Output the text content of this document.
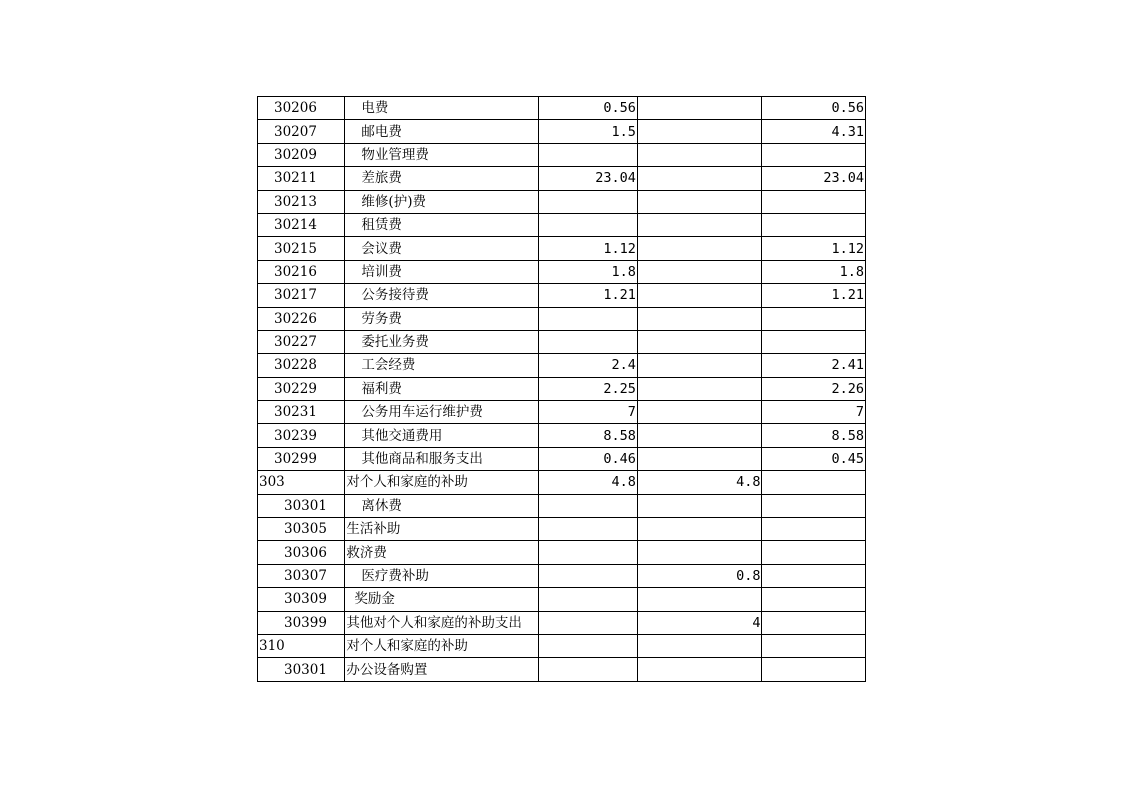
30206	电费	0.56		0.56
30207	邮电费	1.5		4.31
30209	物业管理费			
30211	差旅费	23.04		23.04
30213	维修(护)费			
30214	租赁费			
30215	会议费	1.12		1.12
30216	培训费	1.8		1.8
30217	公务接待费	1.21		1.21
30226	劳务费			
30227	委托业务费			
30228	工会经费	2.4		2.41
30229	福利费	2.25		2.26
30231	公务用车运行维护费	7		7
30239	其他交通费用	8.58		8.58
30299	其他商品和服务支出	0.46		0.45
303	对个人和家庭的补助	4.8	4.8	
30301	离休费			
30305	生活补助			
30306	救济费			
30307	医疗费补助		0.8	
30309	奖励金			
30399	其他对个人和家庭的补助支出		4	
310	对个人和家庭的补助			
30301	办公设备购置			
